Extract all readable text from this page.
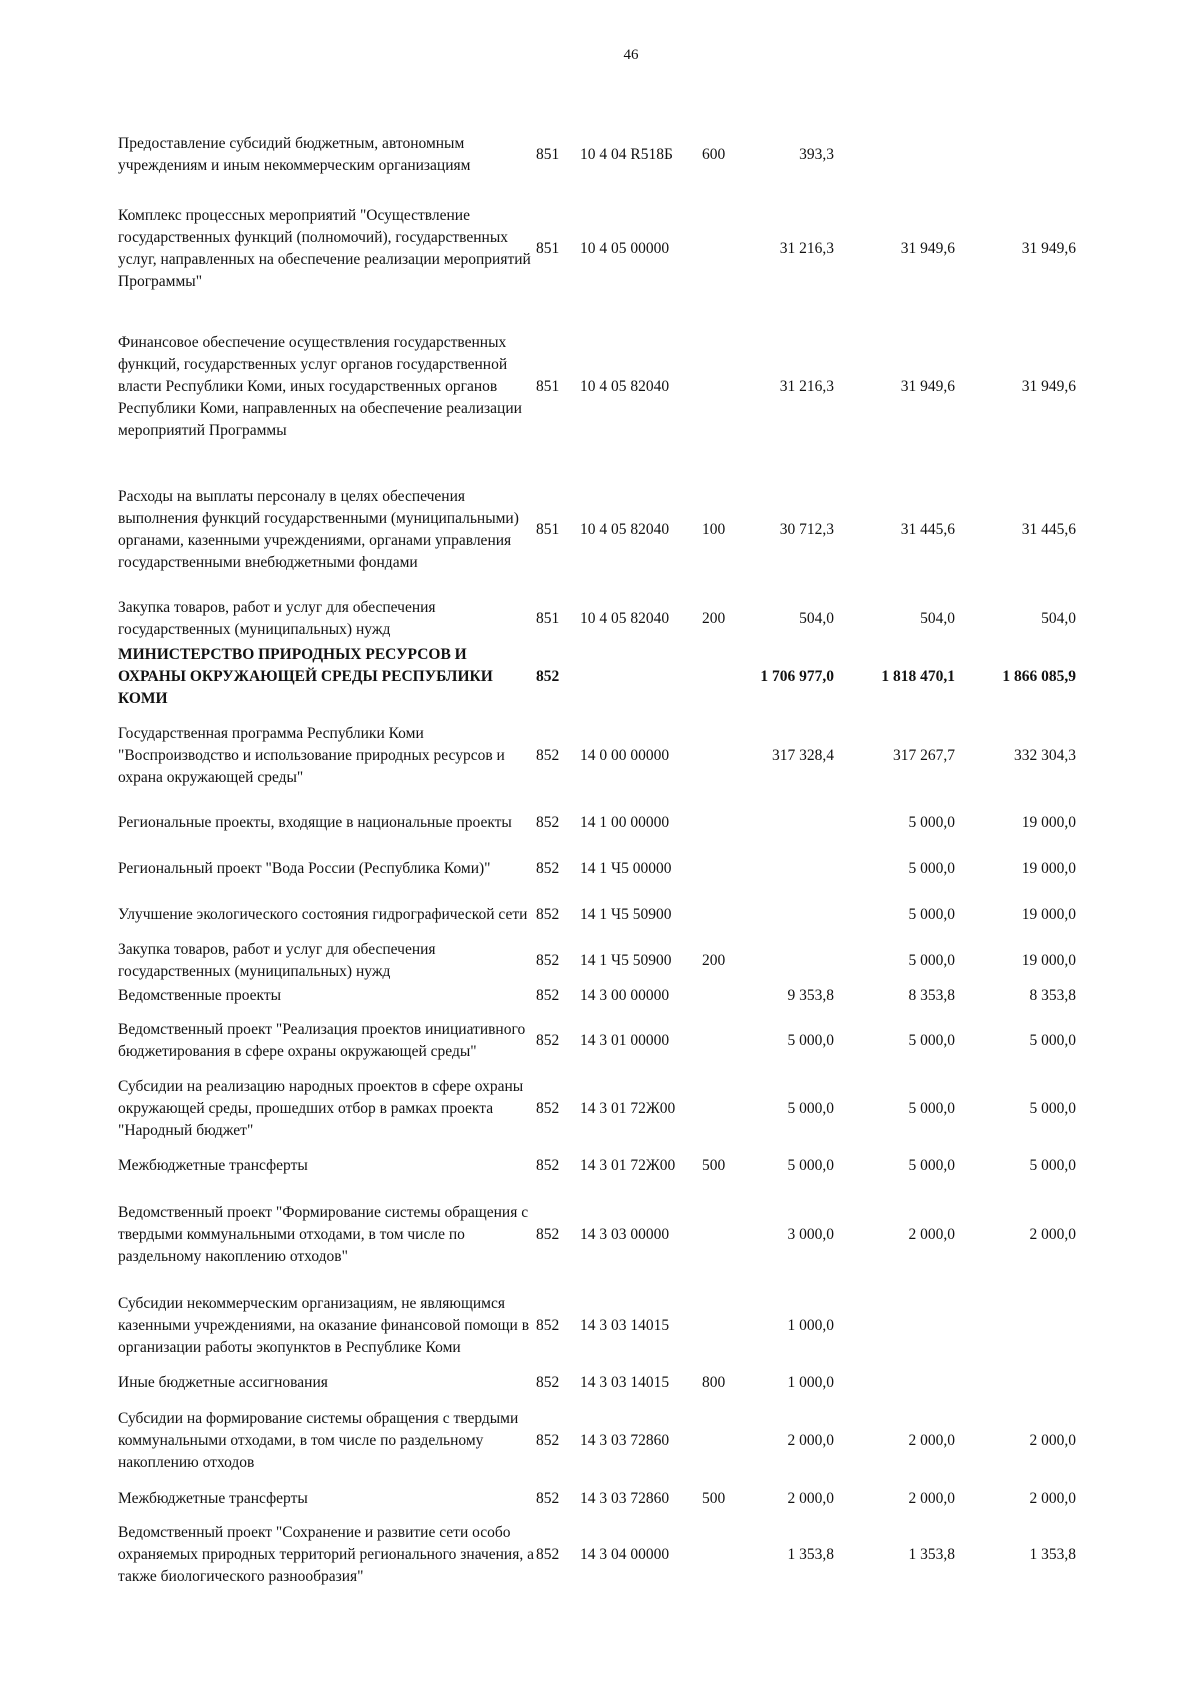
46
Предоставление субсидий бюджетным, автономным учреждениям и иным некоммерческим организациям	851	10 4 04 R518Б	600	393,3		
Комплекс процессных мероприятий "Осуществление государственных функций (полномочий), государственных услуг, направленных на обеспечение реализации мероприятий Программы"	851	10 4 05 00000		31 216,3	31 949,6	31 949,6
Финансовое обеспечение осуществления государственных функций, государственных услуг органов государственной власти Республики Коми, иных государственных органов Республики Коми, направленных на обеспечение реализации мероприятий Программы	851	10 4 05 82040		31 216,3	31 949,6	31 949,6
Расходы на выплаты персоналу в целях обеспечения выполнения функций государственными (муниципальными) органами, казенными учреждениями, органами управления государственными внебюджетными фондами	851	10 4 05 82040	100	30 712,3	31 445,6	31 445,6
Закупка товаров, работ и услуг для обеспечения государственных (муниципальных) нужд	851	10 4 05 82040	200	504,0	504,0	504,0
МИНИСТЕРСТВО ПРИРОДНЫХ РЕСУРСОВ И ОХРАНЫ ОКРУЖАЮЩЕЙ СРЕДЫ РЕСПУБЛИКИ КОМИ	852			1 706 977,0	1 818 470,1	1 866 085,9
Государственная программа Республики Коми "Воспроизводство и использование природных ресурсов и охрана окружающей среды"	852	14 0 00 00000		317 328,4	317 267,7	332 304,3
Региональные проекты, входящие в национальные проекты	852	14 1 00 00000			5 000,0	19 000,0
Региональный проект "Вода России (Республика Коми)"	852	14 1 Ч5 00000			5 000,0	19 000,0
Улучшение экологического состояния гидрографической сети	852	14 1 Ч5 50900			5 000,0	19 000,0
Закупка товаров, работ и услуг для обеспечения государственных (муниципальных) нужд	852	14 1 Ч5 50900	200		5 000,0	19 000,0
Ведомственные проекты	852	14 3 00 00000		9 353,8	8 353,8	8 353,8
Ведомственный проект "Реализация проектов инициативного бюджетирования в сфере охраны окружающей среды"	852	14 3 01 00000		5 000,0	5 000,0	5 000,0
Субсидии на реализацию народных проектов в сфере охраны окружающей среды, прошедших отбор в рамках проекта "Народный бюджет"	852	14 3 01 72Ж00		5 000,0	5 000,0	5 000,0
Межбюджетные трансферты	852	14 3 01 72Ж00	500	5 000,0	5 000,0	5 000,0
Ведомственный проект "Формирование системы обращения с твердыми коммунальными отходами, в том числе по раздельному накоплению отходов"	852	14 3 03 00000		3 000,0	2 000,0	2 000,0
Субсидии некоммерческим организациям, не являющимся казенными учреждениями, на оказание финансовой помощи в организации работы экопунктов в Республике Коми	852	14 3 03 14015		1 000,0		
Иные бюджетные ассигнования	852	14 3 03 14015	800	1 000,0		
Субсидии на формирование системы обращения с твердыми коммунальными отходами, в том числе по раздельному накоплению отходов	852	14 3 03 72860		2 000,0	2 000,0	2 000,0
Межбюджетные трансферты	852	14 3 03 72860	500	2 000,0	2 000,0	2 000,0
Ведомственный проект "Сохранение и развитие сети особо охраняемых природных территорий регионального значения, а также биологического разнообразия"	852	14 3 04 00000		1 353,8	1 353,8	1 353,8
